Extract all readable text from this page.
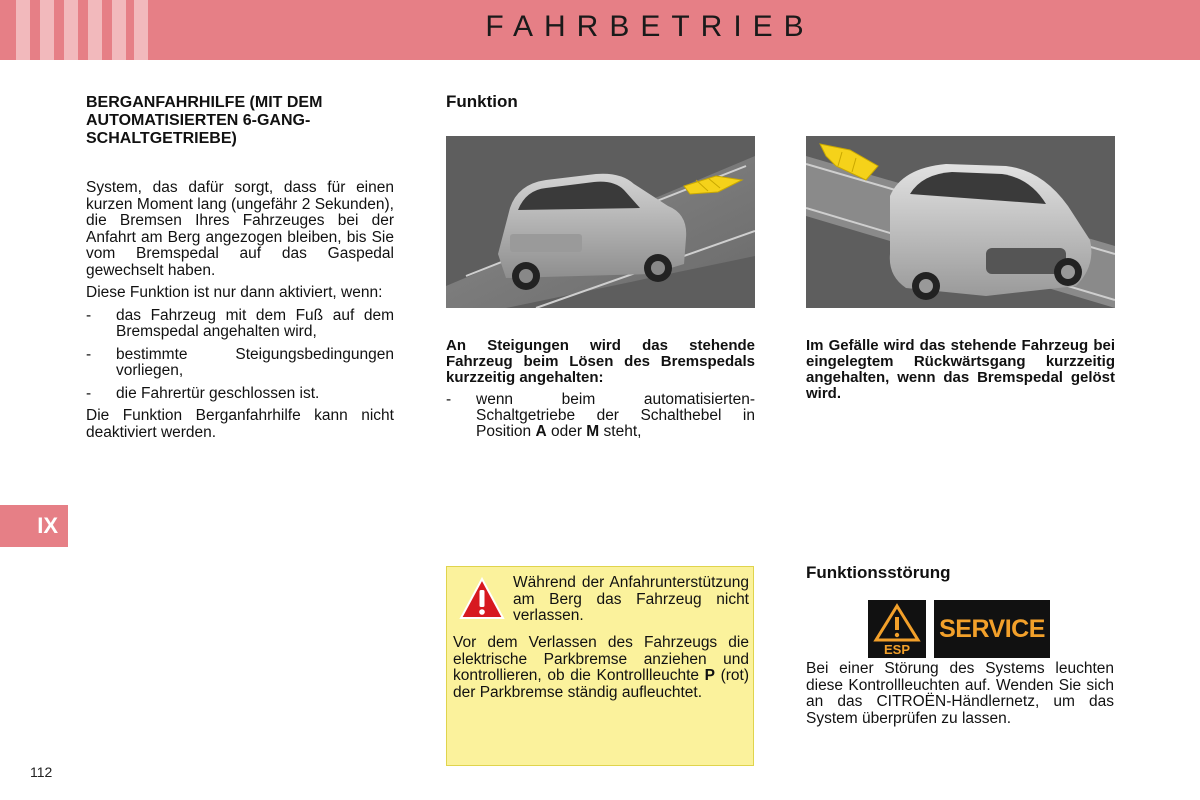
FAHRBETRIEB
IX
112
BERGANFAHRHILFE (MIT DEM AUTOMATISIERTEN 6-GANG-SCHALTGETRIEBE)

System, das dafür sorgt, dass für einen kurzen Moment lang (ungefähr 2 Sekunden), die Bremsen Ihres Fahrzeuges bei der Anfahrt am Berg angezogen bleiben, bis Sie vom Bremspedal auf das Gaspedal gewechselt haben.

Diese Funktion ist nur dann aktiviert, wenn:

- das Fahrzeug mit dem Fuß auf dem Bremspedal angehalten wird,
- bestimmte Steigungsbedingungen vorliegen,
- die Fahrertür geschlossen ist.

Die Funktion Berganfahrhilfe kann nicht deaktiviert werden.

Funktion
An Steigungen wird das stehende Fahrzeug beim Lösen des Bremspedals kurzzeitig angehalten:
Im Gefälle wird das stehende Fahrzeug bei eingelegtem Rückwärtsgang kurzzeitig angehalten, wenn das Bremspedal gelöst wird.
- wenn beim automatisierten-Schaltgetriebe der Schalthebel in Position A oder M steht,
Während der Anfahrunterstützung am Berg das Fahrzeug nicht verlassen.
Vor dem Verlassen des Fahrzeugs die elektrische Parkbremse anziehen und kontrollieren, ob die Kontrollleuchte P (rot) der Parkbremse ständig aufleuchtet.
Funktionsstörung
ESP
SERVICE
Bei einer Störung des Systems leuchten diese Kontrollleuchten auf. Wenden Sie sich an das CITROËN-Händlernetz, um das System überprüfen zu lassen.
